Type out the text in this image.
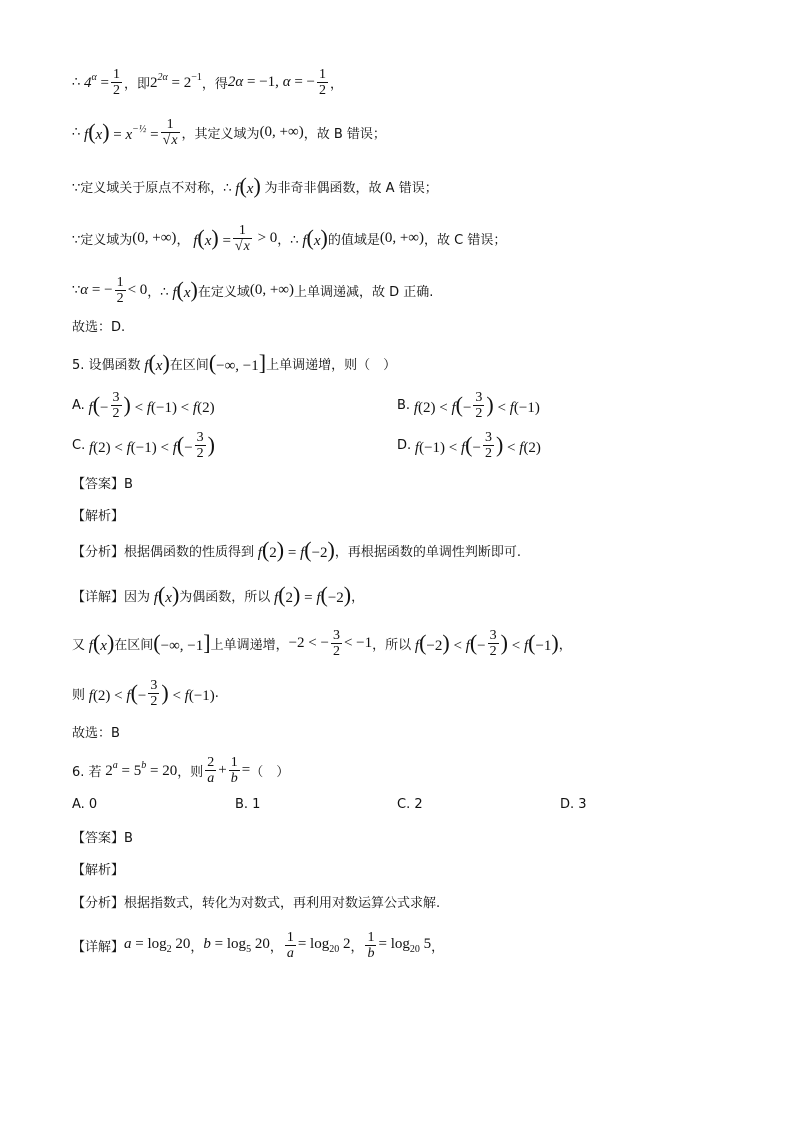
∴ $4^\alpha = \frac{1}{2}$ ，即 $2^{2\alpha} = 2^{-1}$ ，得 2α = −1, α = − $\frac{1}{2}$ ，
∴ $f(x) = x^{-\frac{1}{2}} = \frac{1}{√x}$ ，其定义域为 (0, +∞) ，故 B 错误；
∵定义域关于原点不对称，∴ f(x) 为非奇非偶函数，故 A 错误；
∵定义域为 (0, +∞) ， $f(x) = \frac{1}{√x} > 0$ ，∴ f(x) 的值域是 (0, +∞) ，故 C 错误；
∵ α = − $\frac{1}{2} < 0$ ，∴ f(x) 在定义域 (0, +∞) 上单调递减，故 D 正确.
故选：D.
5. 设偶函数 f(x) 在区间 (−∞, −1] 上单调递增，则（　）
A. $f(- \frac{3}{2}$ ) < f(−1) < f(2)	B. $f(2) < f(- \frac{3}{2}$ ) < f(−1)
C. $f(2) < f(-1) < f(- \frac{3}{2}$ )	D. $f(-1) < f(- \frac{3}{2}$ ) < f(2)
【答案】B
【解析】
【分析】根据偶函数的性质得到 f(2) = f(−2) ，再根据函数的单调性判断即可.
【详解】因为 f(x) 为偶函数，所以 f(2) = f(−2) ，
又 f(x) 在区间 (−∞, −1] 上单调递增， −2 < − $\frac{3}{2} < -1$ ，所以 $f(-2) < f(- \frac{3}{2}$ ) < f(−1) ，
则 $f(2) < f(- \frac{3}{2}$ ) < f(−1) .
故选：B
6. 若 $2^a = 5^b = 20$ ，则 $\frac{2}{a} + \frac{1}{b}$ = （　）
A. 0	B. 1	C. 2	D. 3
【答案】B
【解析】
【分析】根据指数式，转化为对数式，再利用对数运算公式求解.
【详解】 $a = \log_2 20$ ， $b = \log_5 20$ ， $\frac{1}{a} = \log_{20} 2$ ， $\frac{1}{b} = \log_{20} 5$ ，
